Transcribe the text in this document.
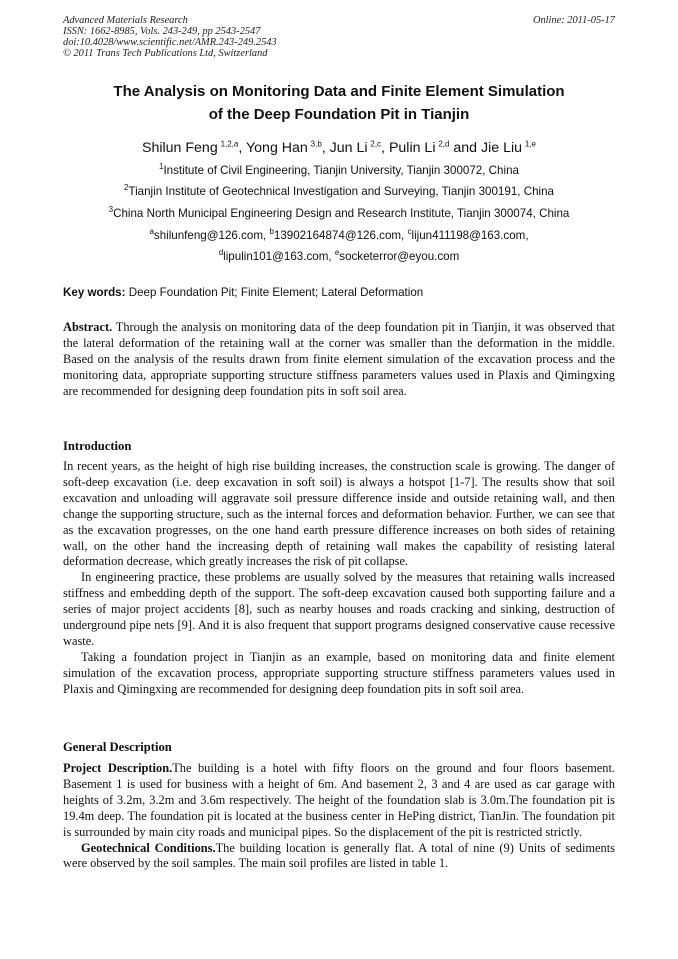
Advanced Materials Research
ISSN: 1662-8985, Vols. 243-249, pp 2543-2547
doi:10.4028/www.scientific.net/AMR.243-249.2543
© 2011 Trans Tech Publications Ltd, Switzerland
Online: 2011-05-17
The Analysis on Monitoring Data and Finite Element Simulation
of the Deep Foundation Pit in Tianjin
Shilun Feng  $^{1,2,a}$, Yong Han  $^{3,b}$, Jun Li  $^{2,c}$, Pulin Li  $^{2,d}$ and Jie Liu  $^{1,e}$
$^1$Institute of Civil Engineering, Tianjin University, Tianjin 300072, China
$^2$Tianjin Institute of Geotechnical Investigation and Surveying, Tianjin 300191, China
$^3$China North Municipal Engineering Design and Research Institute, Tianjin 300074, China
$^a$shilunfeng@126.com, $^b$13902164874@126.com, $^c$lijun411198@163.com,
$^d$lipulin101@163.com, $^e$socketerror@eyou.com
Key words: Deep Foundation Pit; Finite Element; Lateral Deformation
Abstract. Through the analysis on monitoring data of the deep foundation pit in Tianjin, it was observed that the lateral deformation of the retaining wall at the corner was smaller than the deformation in the middle. Based on the analysis of the results drawn from finite element simulation of the excavation process and the monitoring data, appropriate supporting structure stiffness parameters values used in Plaxis and Qimingxing are recommended for designing deep foundation pits in soft soil area.
Introduction
In recent years, as the height of high rise building increases, the construction scale is growing. The danger of soft-deep excavation (i.e. deep excavation in soft soil) is always a hotspot [1-7]. The results show that soil excavation and unloading will aggravate soil pressure difference inside and outside retaining wall, and then change the supporting structure, such as the internal forces and deformation behavior. Further, we can see that as the excavation progresses, on the one hand earth pressure difference increases on both sides of retaining wall, on the other hand the increasing depth of retaining wall makes the capability of resisting lateral deformation decrease, which greatly increases the risk of pit collapse.
In engineering practice, these problems are usually solved by the measures that retaining walls increased stiffness and embedding depth of the support. The soft-deep excavation caused both supporting failure and a series of major project accidents [8], such as nearby houses and roads cracking and sinking, destruction of underground pipe nets [9]. And it is also frequent that support programs designed conservative cause recessive waste.
Taking a foundation project in Tianjin as an example, based on monitoring data and finite element simulation of the excavation process, appropriate supporting structure stiffness parameters values used in Plaxis and Qimingxing are recommended for designing deep foundation pits in soft soil area.
General Description
Project Description.The building is a hotel with fifty floors on the ground and four floors basement. Basement 1 is used for business with a height of 6m. And basement 2, 3 and 4 are used as car garage with heights of 3.2m, 3.2m and 3.6m respectively. The height of the foundation slab is 3.0m.The foundation pit is 19.4m deep. The foundation pit is located at the business center in HePing district, TianJin. The foundation pit is surrounded by main city roads and municipal pipes. So the displacement of the pit is restricted strictly.
Geotechnical Conditions.The building location is generally flat. A total of nine (9) Units of sediments were observed by the soil samples. The main soil profiles are listed in table 1.
